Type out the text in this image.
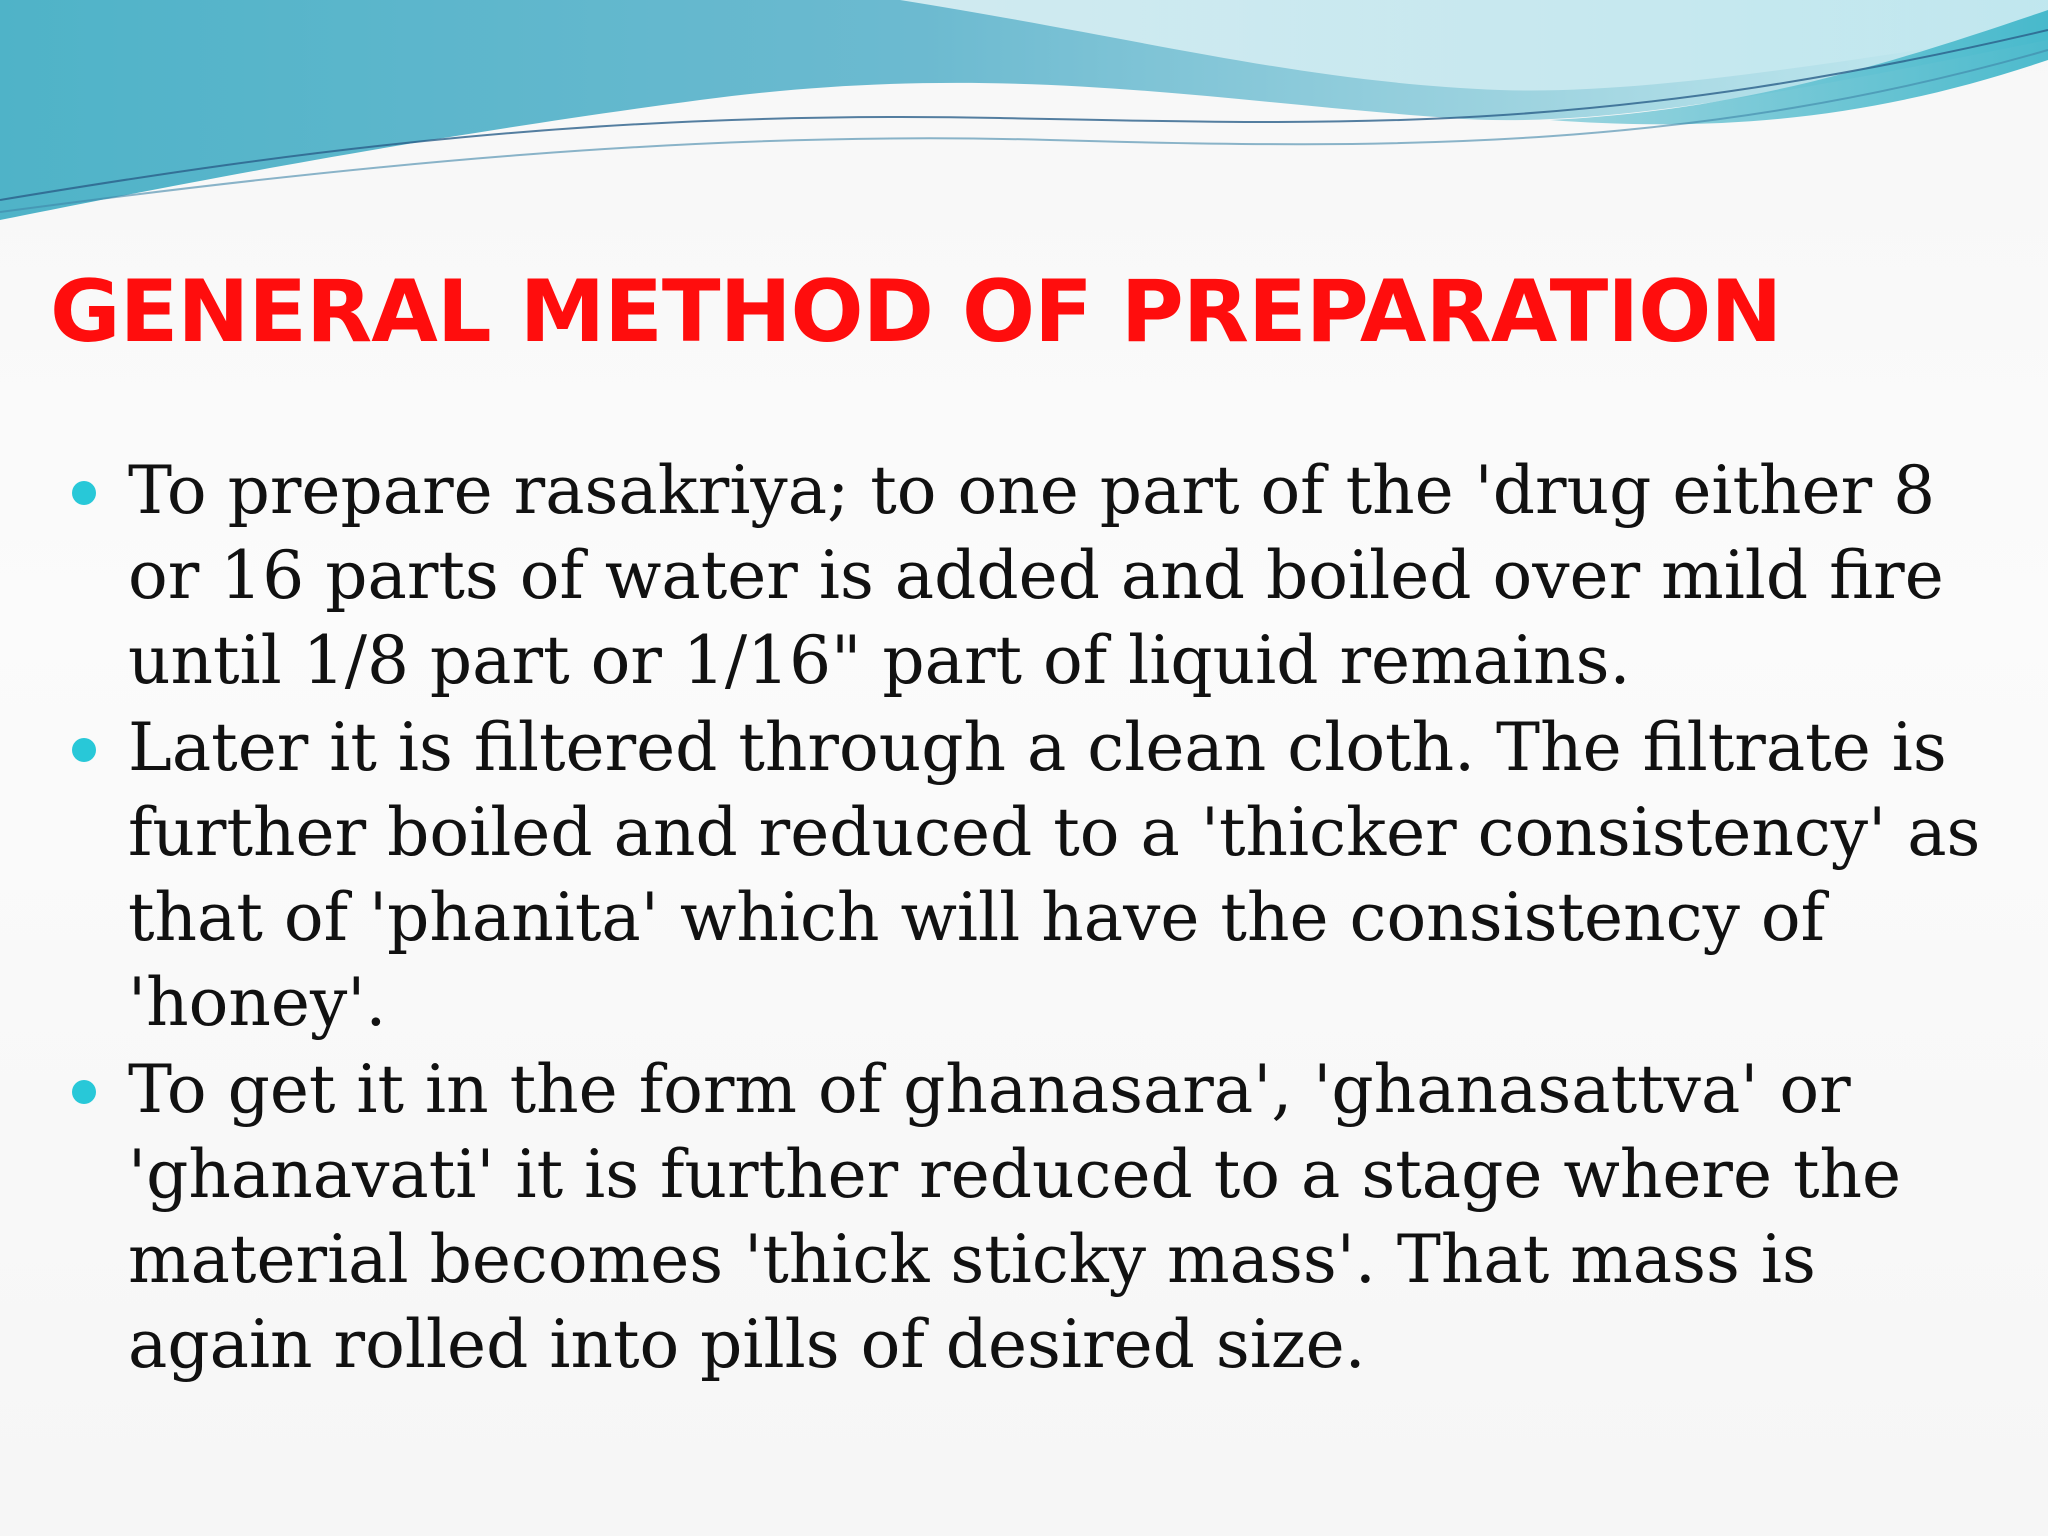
GENERAL METHOD OF PREPARATION
To prepare rasakriya; to one part of the 'drug either 8
or 16 parts of water is added and boiled over mild fire
until 1/8 part or 1/16" part of liquid remains.
Later it is filtered through a clean cloth. The filtrate is
further boiled and reduced to a 'thicker consistency' as
that of 'phanita' which will have the consistency of
'honey'.
To get it in the form of ghanasara', 'ghanasattva' or
'ghanavati' it is further reduced to a stage where the
material becomes 'thick sticky mass'. That mass is
again rolled into pills of desired size.
